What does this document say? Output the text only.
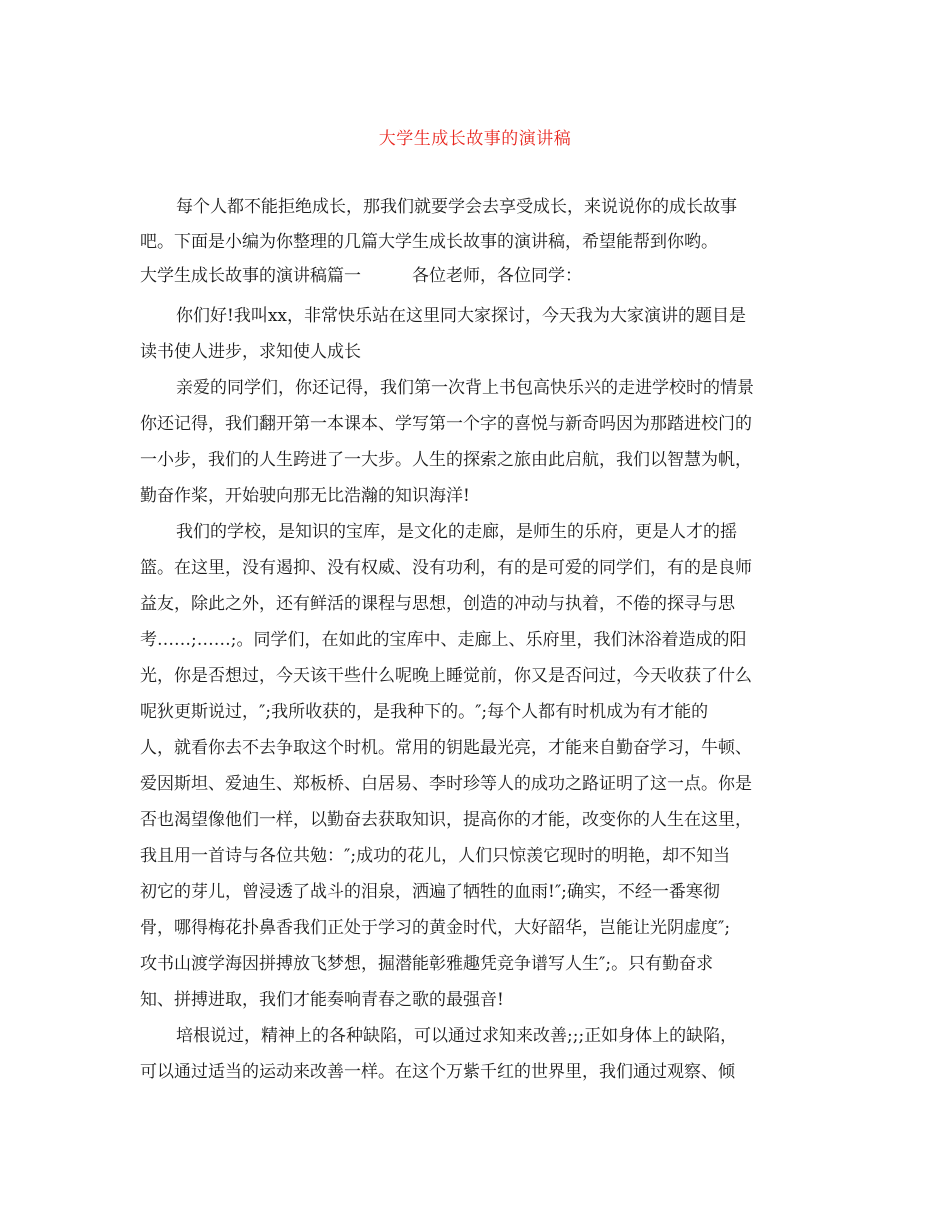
大学生成长故事的演讲稿
每个人都不能拒绝成长，那我们就要学会去享受成长，来说说你的成长故事
吧。下面是小编为你整理的几篇大学生成长故事的演讲稿，希望能帮到你哟。
大学生成长故事的演讲稿篇一　　　各位老师，各位同学：
你们好!我叫xx，非常快乐站在这里同大家探讨，今天我为大家演讲的题目是
读书使人进步，求知使人成长
亲爱的同学们，你还记得，我们第一次背上书包高快乐兴的走进学校时的情景
你还记得，我们翻开第一本课本、学写第一个字的喜悦与新奇吗因为那踏进校门的
一小步，我们的人生跨进了一大步。人生的探索之旅由此启航，我们以智慧为帆，
勤奋作桨，开始驶向那无比浩瀚的知识海洋!
我们的学校，是知识的宝库，是文化的走廊，是师生的乐府，更是人才的摇
篮。在这里，没有遏抑、没有权威、没有功利，有的是可爱的同学们，有的是良师
益友，除此之外，还有鲜活的课程与思想，创造的冲动与执着，不倦的探寻与思
考……;……;。同学们，在如此的宝库中、走廊上、乐府里，我们沐浴着造成的阳
光，你是否想过，今天该干些什么呢晚上睡觉前，你又是否问过，今天收获了什么
呢狄更斯说过，″;我所收获的，是我种下的。″;每个人都有时机成为有才能的
人，就看你去不去争取这个时机。常用的钥匙最光亮，才能来自勤奋学习，牛顿、
爱因斯坦、爱迪生、郑板桥、白居易、李时珍等人的成功之路证明了这一点。你是
否也渴望像他们一样，以勤奋去获取知识，提高你的才能，改变你的人生在这里，
我且用一首诗与各位共勉：″;成功的花儿，人们只惊羡它现时的明艳，却不知当
初它的芽儿，曾浸透了战斗的泪泉，洒遍了牺牲的血雨!″;确实，不经一番寒彻
骨，哪得梅花扑鼻香我们正处于学习的黄金时代，大好韶华，岂能让光阴虚度″;
攻书山渡学海因拼搏放飞梦想，掘潜能彰雅趣凭竞争谱写人生″;。只有勤奋求
知、拼搏进取，我们才能奏响青春之歌的最强音!
培根说过，精神上的各种缺陷，可以通过求知来改善;;;正如身体上的缺陷，
可以通过适当的运动来改善一样。在这个万紫千红的世界里，我们通过观察、倾
